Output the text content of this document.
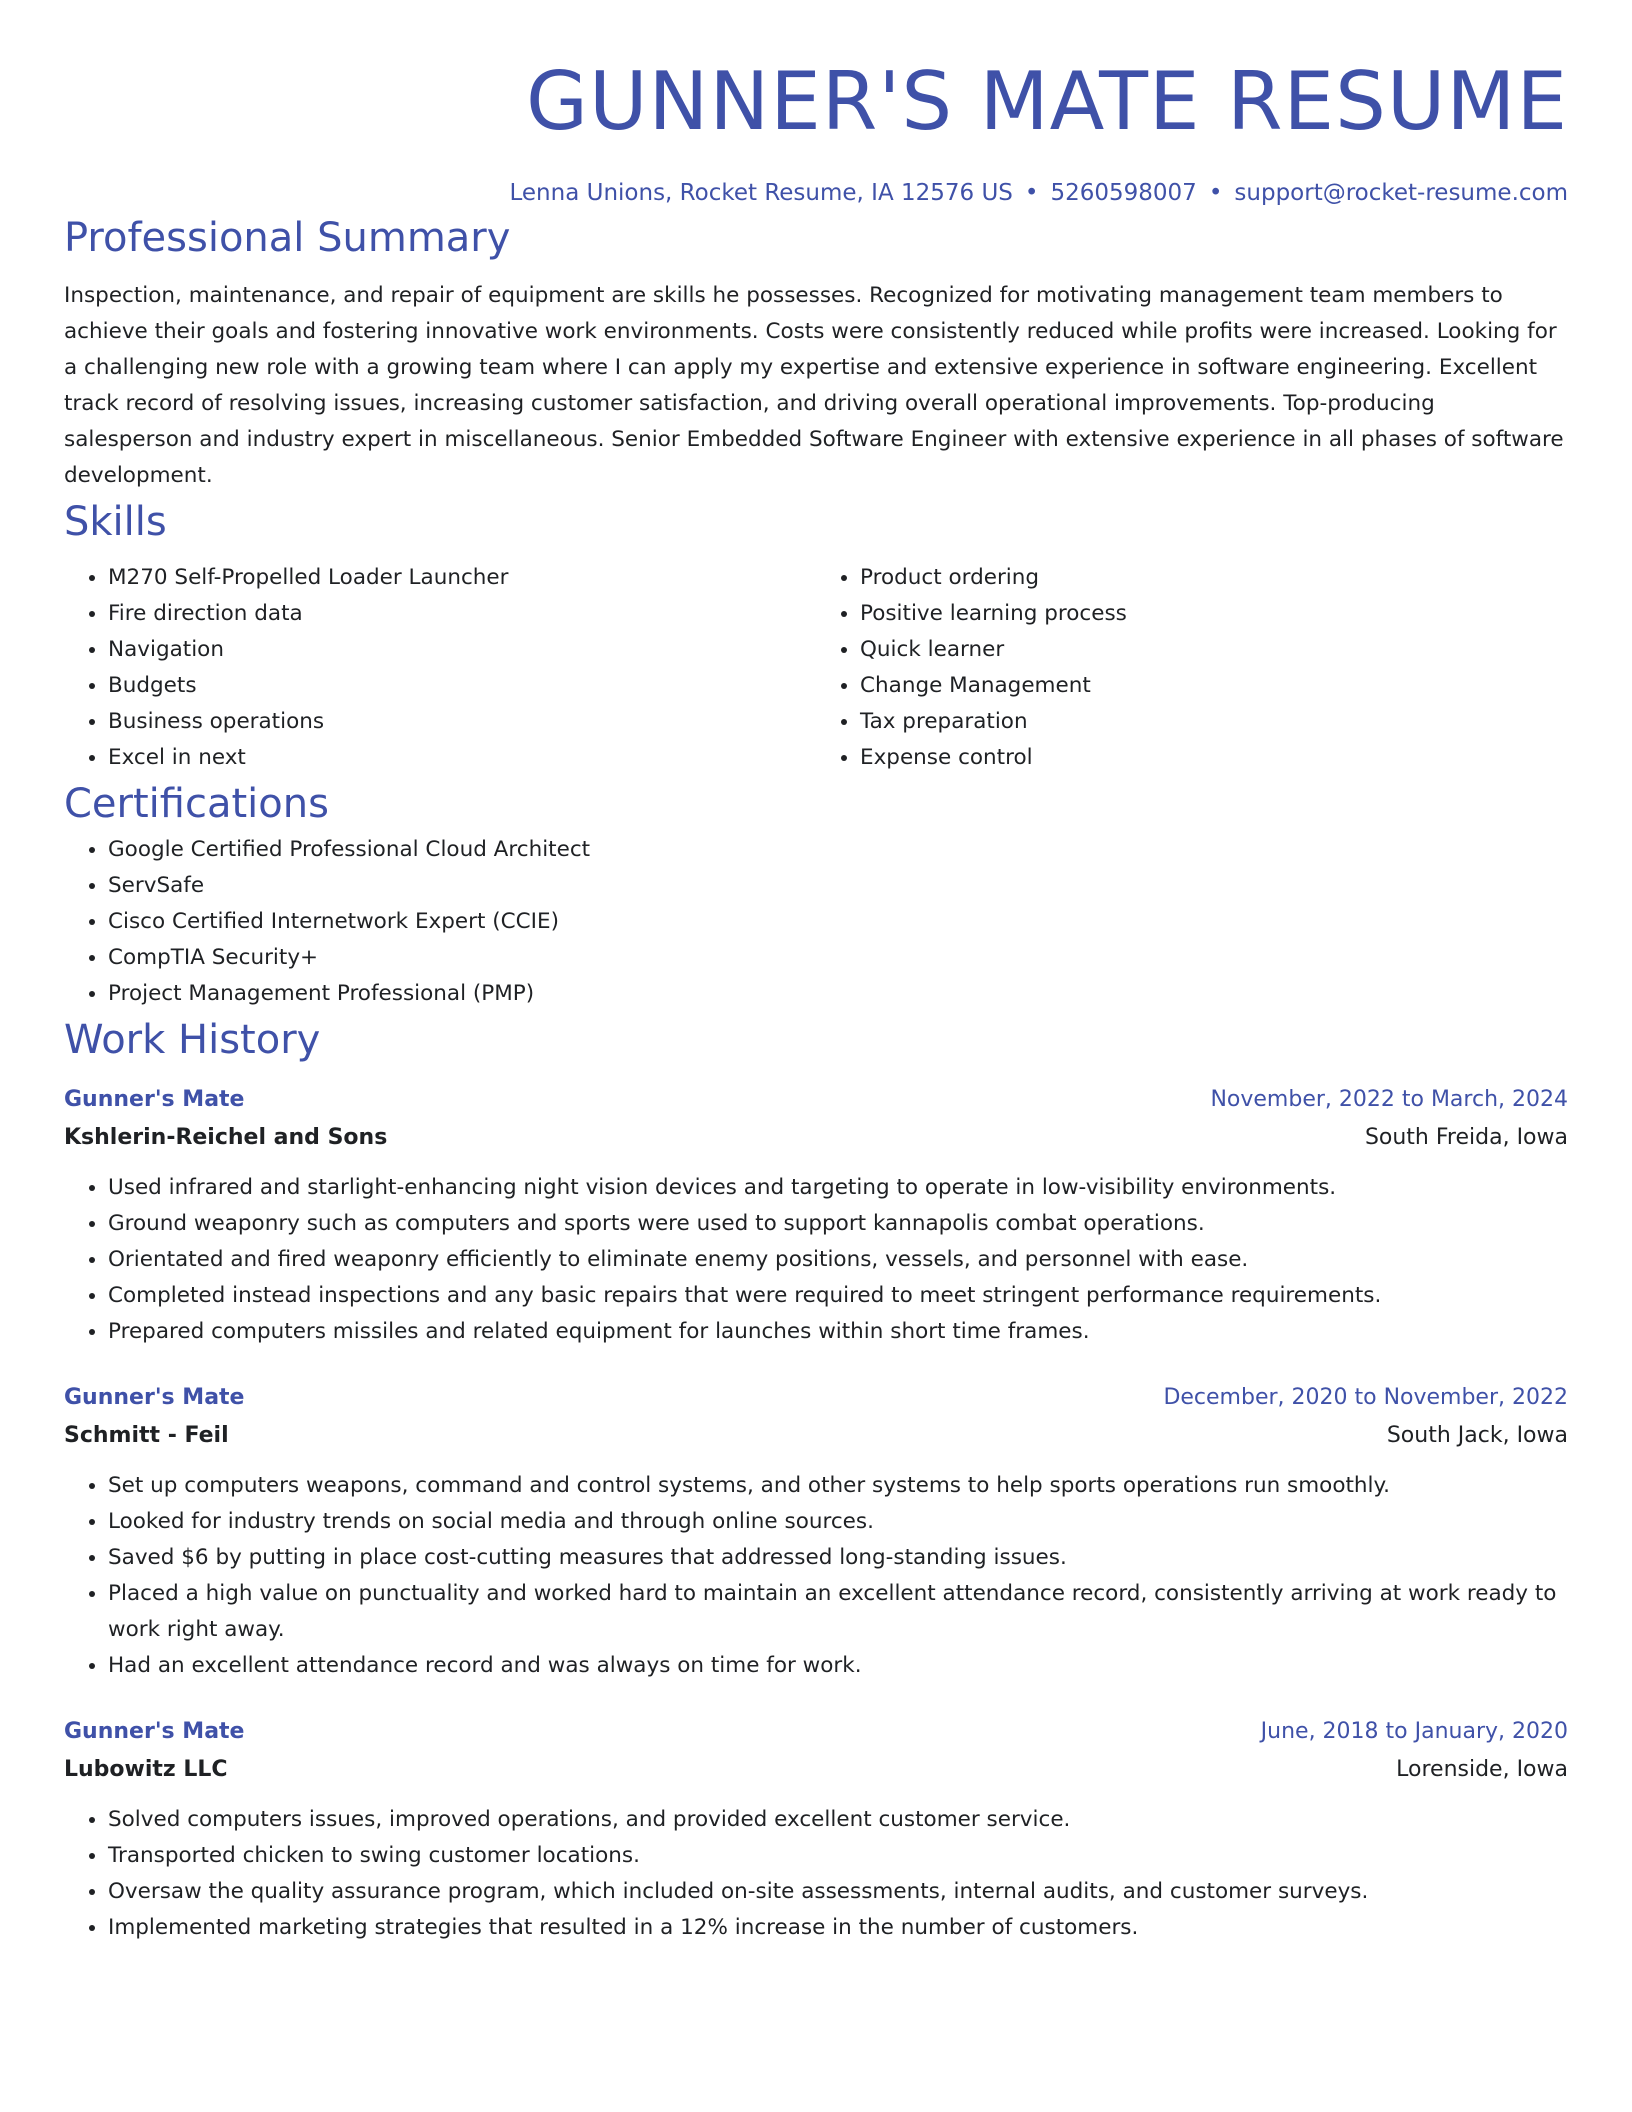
GUNNER'S MATE RESUME
Lenna Unions, Rocket Resume, IA 12576 US • 5260598007 • support@rocket-resume.com
Professional Summary

Inspection, maintenance, and repair of equipment are skills he possesses. Recognized for motivating management team members to achieve their goals and fostering innovative work environments. Costs were consistently reduced while profits were increased. Looking for a challenging new role with a growing team where I can apply my expertise and extensive experience in software engineering. Excellent track record of resolving issues, increasing customer satisfaction, and driving overall operational improvements. Top-producing salesperson and industry expert in miscellaneous. Senior Embedded Software Engineer with extensive experience in all phases of software development.

Skills
• M270 Self-Propelled Loader Launcher
• Fire direction data
• Navigation
• Budgets
• Business operations
• Excel in next
• Product ordering
• Positive learning process
• Quick learner
• Change Management
• Tax preparation
• Expense control
Certifications
• Google Certified Professional Cloud Architect
• ServSafe
• Cisco Certified Internetwork Expert (CCIE)
• CompTIA Security+
• Project Management Professional (PMP)
Work History
Gunner's Mate	November, 2022 to March, 2024
Kshlerin-Reichel and Sons	South Freida, Iowa
• Used infrared and starlight-enhancing night vision devices and targeting to operate in low-visibility environments.
• Ground weaponry such as computers and sports were used to support kannapolis combat operations.
• Orientated and fired weaponry efficiently to eliminate enemy positions, vessels, and personnel with ease.
• Completed instead inspections and any basic repairs that were required to meet stringent performance requirements.
• Prepared computers missiles and related equipment for launches within short time frames.
Gunner's Mate	December, 2020 to November, 2022
Schmitt - Feil	South Jack, Iowa
• Set up computers weapons, command and control systems, and other systems to help sports operations run smoothly.
• Looked for industry trends on social media and through online sources.
• Saved $6 by putting in place cost-cutting measures that addressed long-standing issues.
• Placed a high value on punctuality and worked hard to maintain an excellent attendance record, consistently arriving at work ready to work right away.
• Had an excellent attendance record and was always on time for work.
Gunner's Mate	June, 2018 to January, 2020
Lubowitz LLC	Lorenside, Iowa
• Solved computers issues, improved operations, and provided excellent customer service.
• Transported chicken to swing customer locations.
• Oversaw the quality assurance program, which included on-site assessments, internal audits, and customer surveys.
• Implemented marketing strategies that resulted in a 12% increase in the number of customers.
